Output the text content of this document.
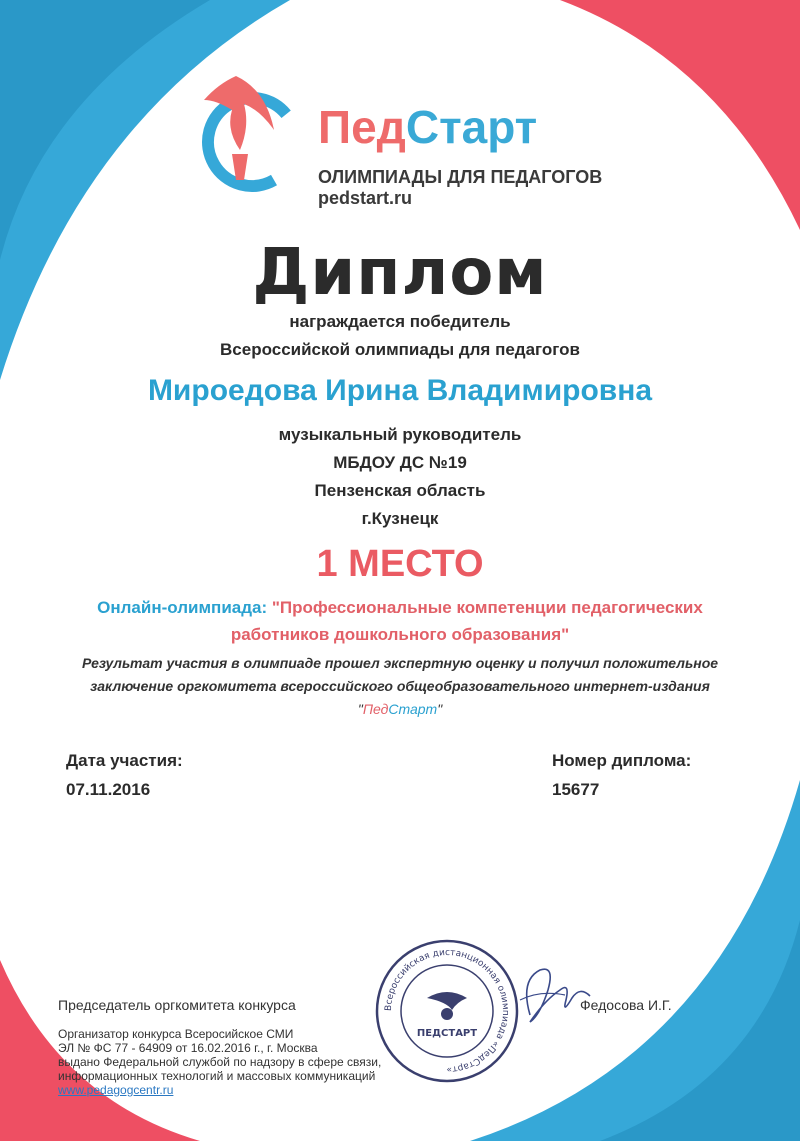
ПедСтарт
ОЛИМПИАДЫ ДЛЯ ПЕДАГОГОВ
pedstart.ru
Диплом
награждается победитель
Всероссийской олимпиады для педагогов
Мироедова Ирина Владимировна
музыкальный руководитель
МБДОУ ДС №19
Пензенская область
г.Кузнецк
1 МЕСТО
Онлайн-олимпиада: "Профессиональные компетенции педагогических
работников дошкольного образования"
Результат участия в олимпиаде прошел экспертную оценку и получил положительное
заключение оргкомитета всероссийского общеобразовательного интернет-издания
"ПедСтарт"
Дата участия:
07.11.2016
Номер диплома:
15677
Председатель оргкомитета конкурса	Всероссийская дистанционная олимпиада «ПедСтарт»
ПЕДСТАРТ
Федосова И.Г.
Организатор конкурса Всеросийское СМИ
ЭЛ № ФС 77 - 64909 от 16.02.2016 г., г. Москва
выдано Федеральной службой по надзору в сфере связи,
информационных технологий и массовых коммуникаций
www.pedagogcentr.ru
